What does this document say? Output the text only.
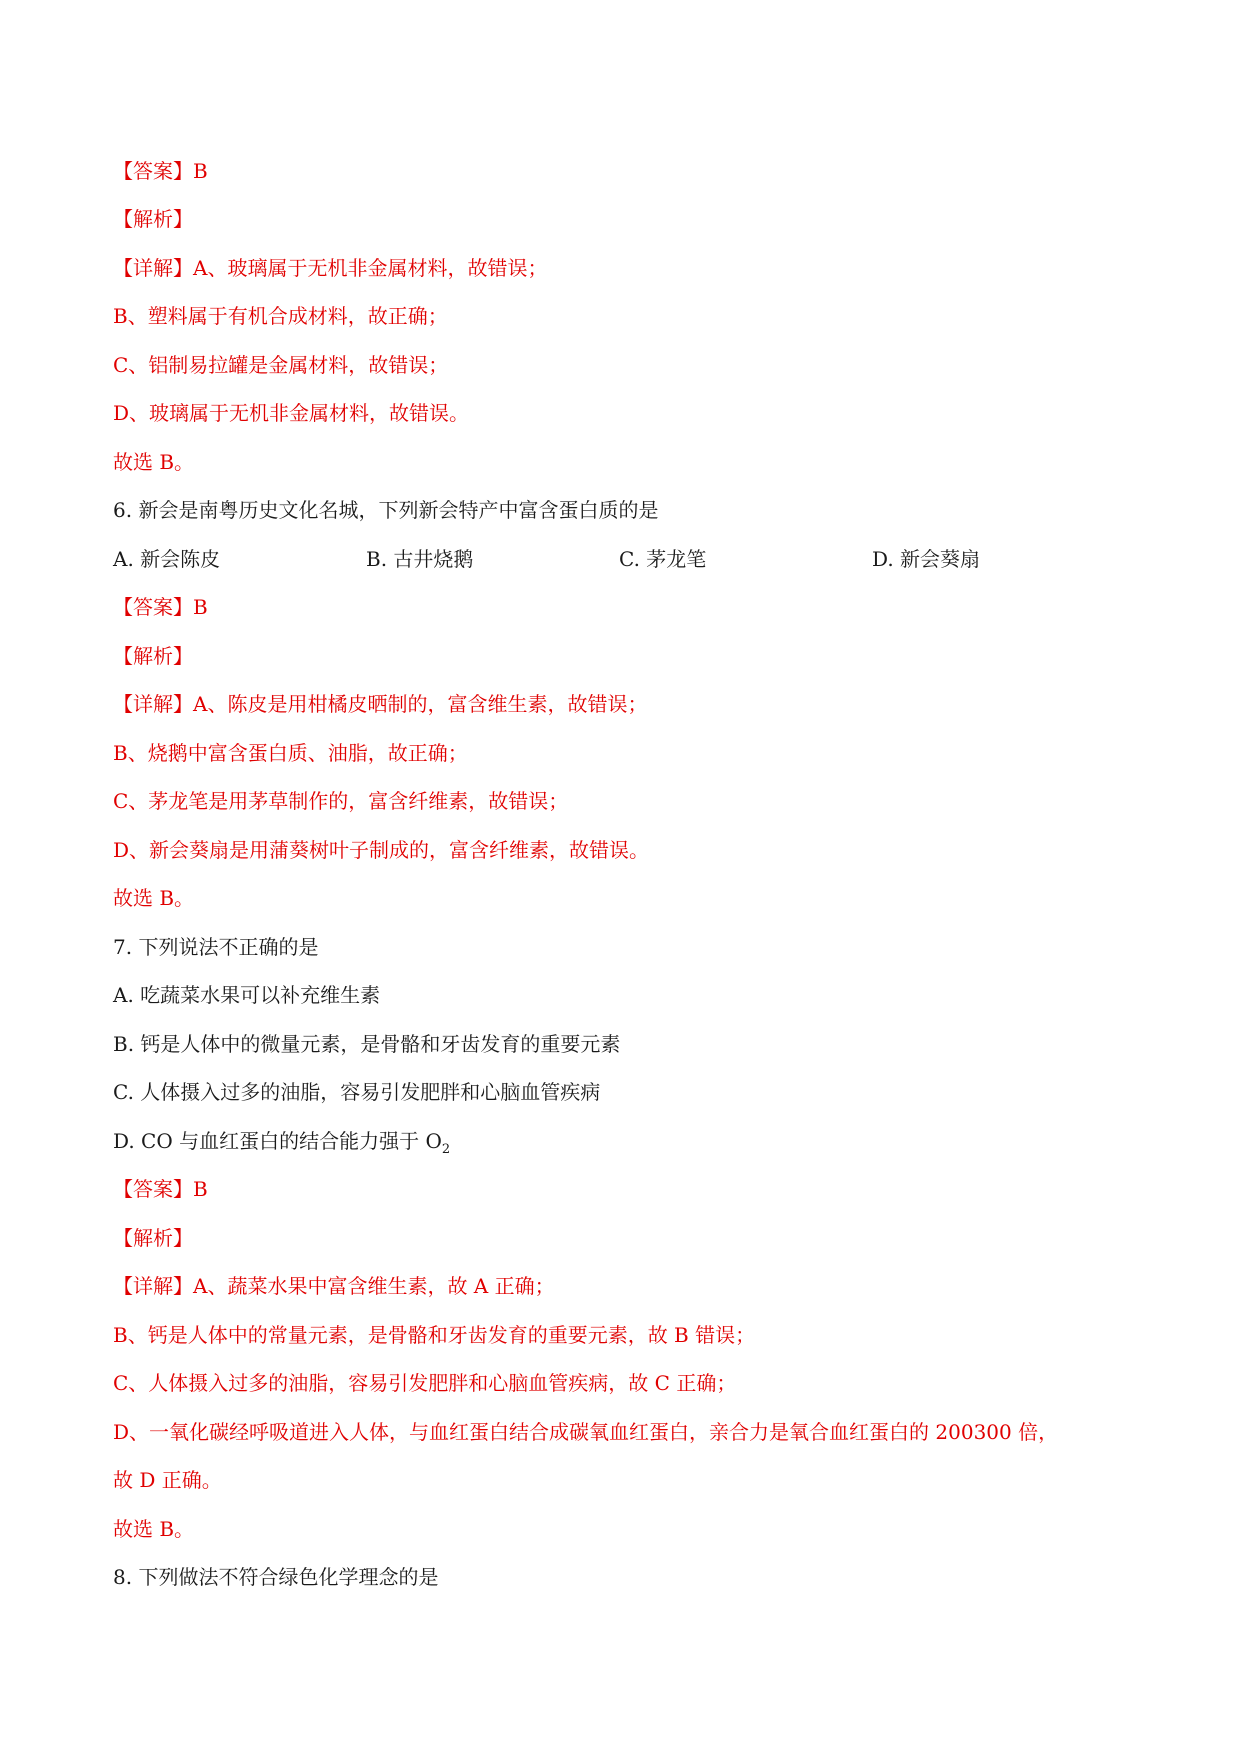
【答案】B
【解析】
【详解】A、玻璃属于无机非金属材料，故错误；
B、塑料属于有机合成材料，故正确；
C、铝制易拉罐是金属材料，故错误；
D、玻璃属于无机非金属材料，故错误。
故选 B。
6. 新会是南粤历史文化名城，下列新会特产中富含蛋白质的是
A. 新会陈皮	B. 古井烧鹅	C. 茅龙笔	D. 新会葵扇
【答案】B
【解析】
【详解】A、陈皮是用柑橘皮晒制的，富含维生素，故错误；
B、烧鹅中富含蛋白质、油脂，故正确；
C、茅龙笔是用茅草制作的，富含纤维素，故错误；
D、新会葵扇是用蒲葵树叶子制成的，富含纤维素，故错误。
故选 B。
7. 下列说法不正确的是
A. 吃蔬菜水果可以补充维生素
B. 钙是人体中的微量元素，是骨骼和牙齿发育的重要元素
C. 人体摄入过多的油脂，容易引发肥胖和心脑血管疾病
D. CO 与血红蛋白的结合能力强于 $O_2$
【答案】B
【解析】
【详解】A、蔬菜水果中富含维生素，故 A 正确；
B、钙是人体中的常量元素，是骨骼和牙齿发育的重要元素，故 B 错误；
C、人体摄入过多的油脂，容易引发肥胖和心脑血管疾病，故 C 正确；
D、一氧化碳经呼吸道进入人体，与血红蛋白结合成碳氧血红蛋白，亲合力是氧合血红蛋白的 200300 倍，
故 D 正确。
故选 B。
8. 下列做法不符合绿色化学理念的是
